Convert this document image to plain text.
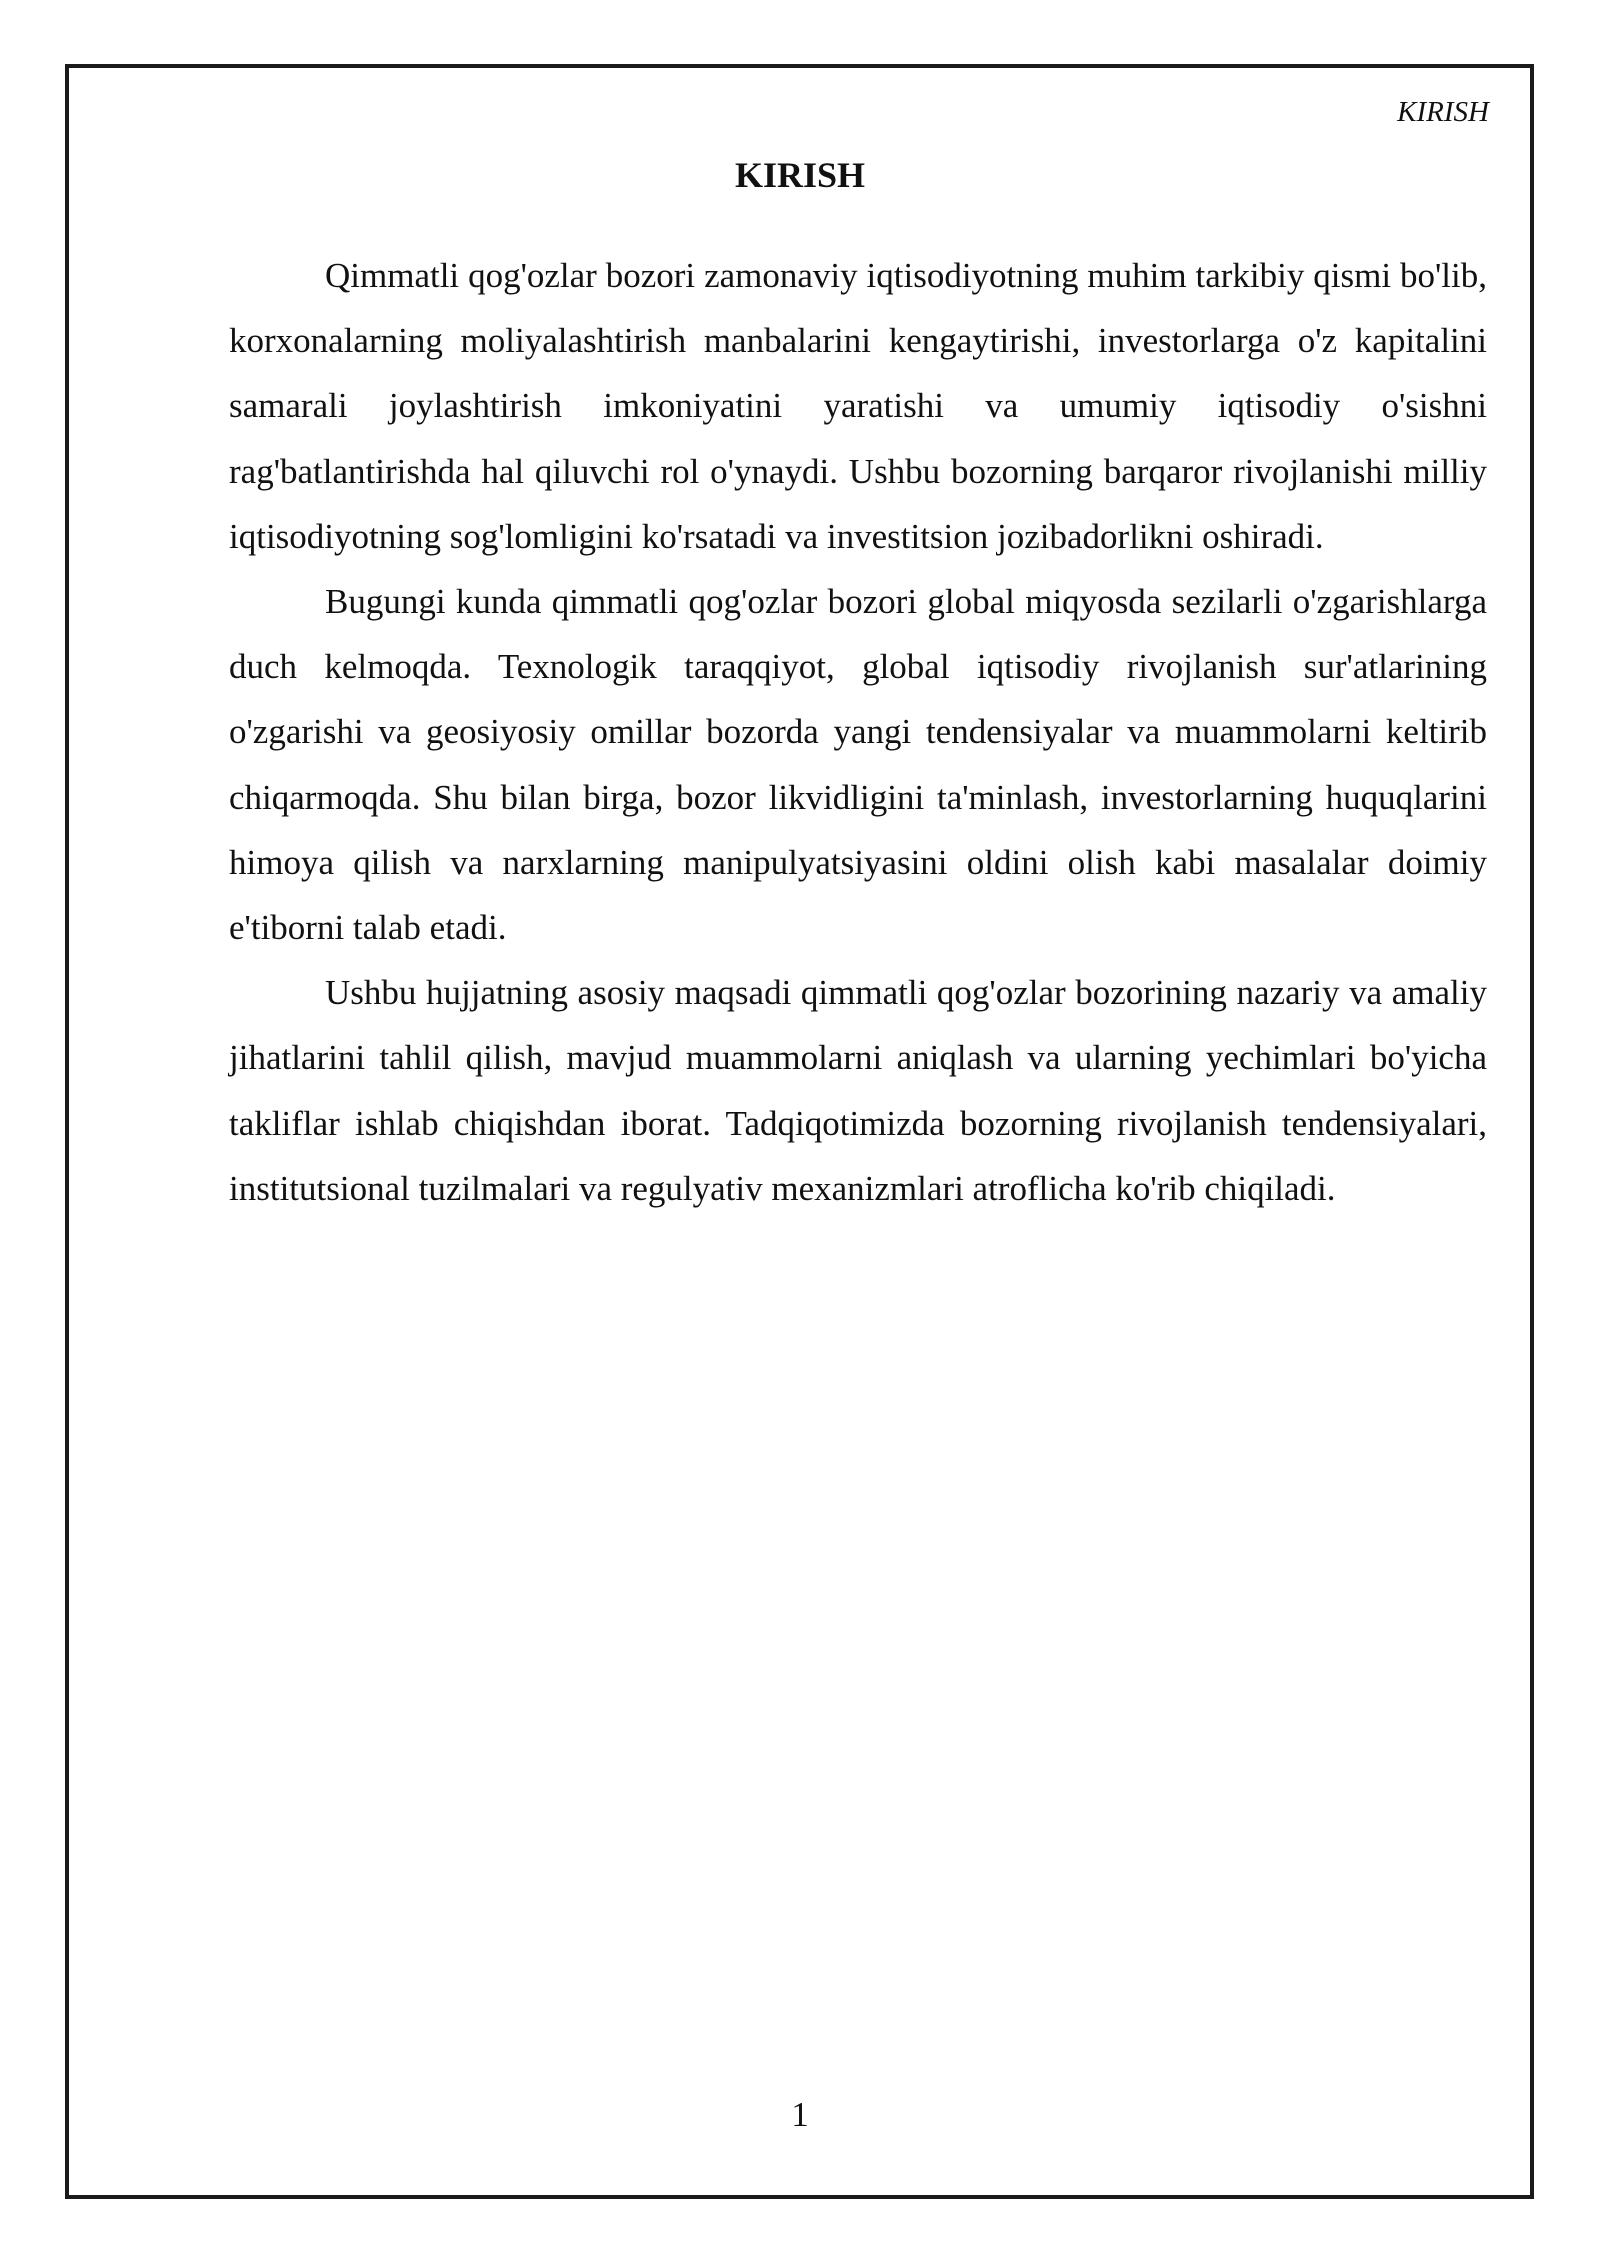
KIRISH

KIRISH

Qimmatli qog'ozlar bozori zamonaviy iqtisodiyotning muhim tarkibiy qismi bo'lib, korxonalarning moliyalashtirish manbalarini kengaytirishi, investorlarga o'z kapitalini samarali joylashtirish imkoniyatini yaratishi va umumiy iqtisodiy o'sishni rag'batlantirishda hal qiluvchi rol o'ynaydi. Ushbu bozorning barqaror rivojlanishi milliy iqtisodiyotning sog'lomligini ko'rsatadi va investitsion jozibadorlikni oshiradi.

Bugungi kunda qimmatli qog'ozlar bozori global miqyosda sezilarli o'zgarishlarga duch kelmoqda. Texnologik taraqqiyot, global iqtisodiy rivojlanish sur'atlarining o'zgarishi va geosiyosiy omillar bozorda yangi tendensiyalar va muammolarni keltirib chiqarmoqda. Shu bilan birga, bozor likvidligini ta'minlash, investorlarning huquqlarini himoya qilish va narxlarning manipulyatsiyasini oldini olish kabi masalalar doimiy e'tiborni talab etadi.

Ushbu hujjatning asosiy maqsadi qimmatli qog'ozlar bozorining nazariy va amaliy jihatlarini tahlil qilish, mavjud muammolarni aniqlash va ularning yechimlari bo'yicha takliflar ishlab chiqishdan iborat. Tadqiqotimizda bozorning rivojlanish tendensiyalari, institutsional tuzilmalari va regulyativ mexanizmlari atroflicha ko'rib chiqiladi.

1
